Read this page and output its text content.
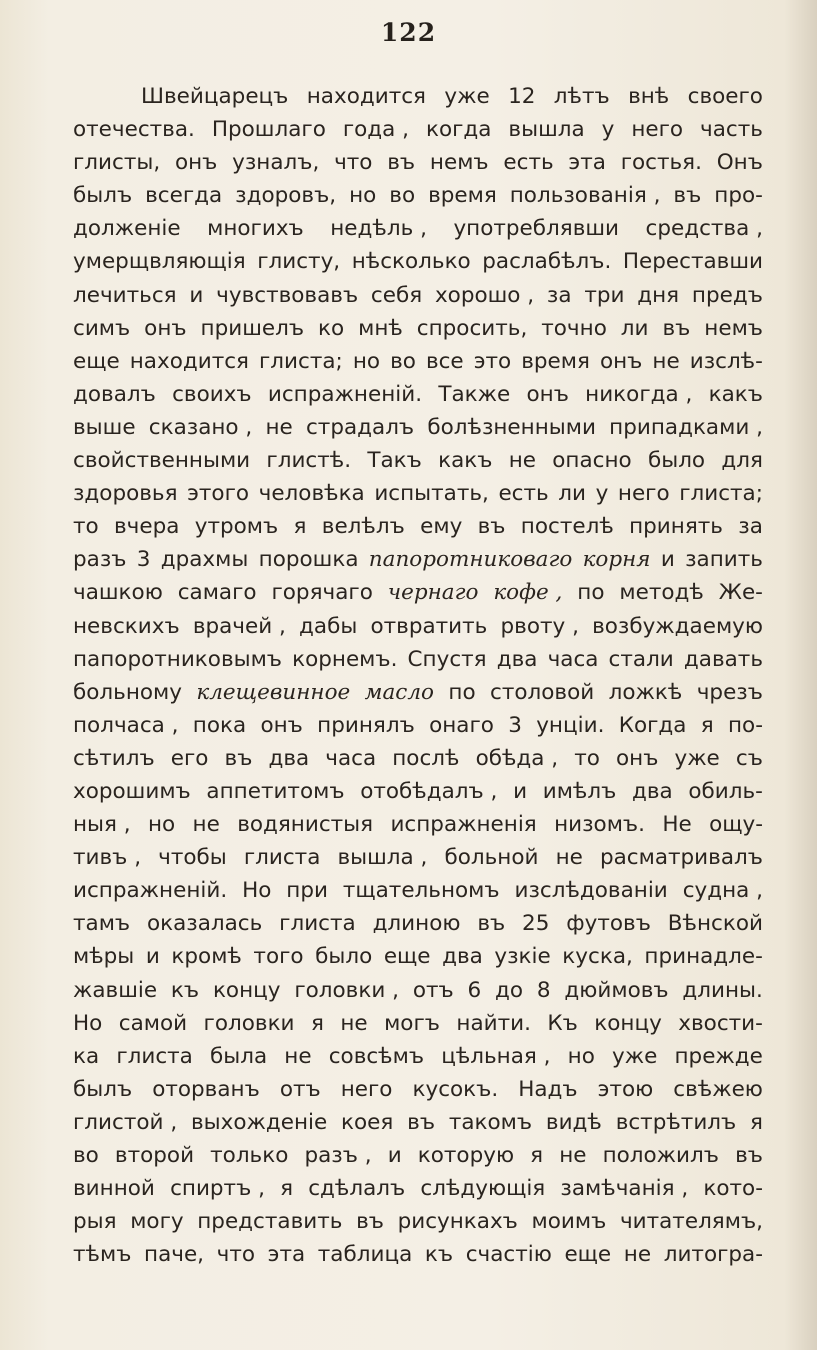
122
Швейцарецъ находится уже 12 лѣтъ внѣ своего
отечества. Прошлаго года , когда вышла у него часть
глисты, онъ узналъ, что въ немъ есть эта гостья. Онъ
былъ всегда здоровъ, но во время пользованія , въ про-
долженіе многихъ недѣль , употреблявши средства ,
умерщвляющія глисту, нѣсколько раслабѣлъ. Переставши
лечиться и чувствовавъ себя хорошо , за три дня предъ
симъ онъ пришелъ ко мнѣ спросить, точно ли въ немъ
еще находится глиста; но во все это время онъ не изслѣ-
довалъ своихъ испражненій. Также онъ никогда , какъ
выше сказано , не страдалъ болѣзненными припадками ,
свойственными глистѣ. Такъ какъ не опасно было для
здоровья этого человѣка испытать, есть ли у него глиста;
то вчера утромъ я велѣлъ ему въ постелѣ принять за
разъ 3 драхмы порошка папоротниковаго корня и запить
чашкою самаго горячаго чернаго кофе , по методѣ Же-
невскихъ врачей , дабы отвратить рвоту , возбуждаемую
папоротниковымъ корнемъ. Спустя два часа стали давать
больному клещевинное масло по столовой ложкѣ чрезъ
полчаса , пока онъ принялъ онаго 3 унціи. Когда я по-
сѣтилъ его въ два часа послѣ обѣда , то онъ уже съ
хорошимъ аппетитомъ отобѣдалъ , и имѣлъ два обиль-
ныя , но не водянистыя испражненія низомъ. Не ощу-
тивъ , чтобы глиста вышла , больной не расматривалъ
испражненій. Но при тщательномъ изслѣдованіи судна ,
тамъ оказалась глиста длиною въ 25 футовъ Вѣнской
мѣры и кромѣ того было еще два узкіе куска, принадле-
жавшіе къ концу головки , отъ 6 до 8 дюймовъ длины.
Но самой головки я не могъ найти. Къ концу хвости-
ка глиста была не совсѣмъ цѣльная , но уже прежде
былъ оторванъ отъ него кусокъ. Надъ этою свѣжею
глистой , выхожденіе коея въ такомъ видѣ встрѣтилъ я
во второй только разъ , и которую я не положилъ въ
винной спиртъ , я сдѣлалъ слѣдующія замѣчанія , кото-
рыя могу представить въ рисункахъ моимъ читателямъ,
тѣмъ паче, что эта таблица къ счастію еще не литогра-
